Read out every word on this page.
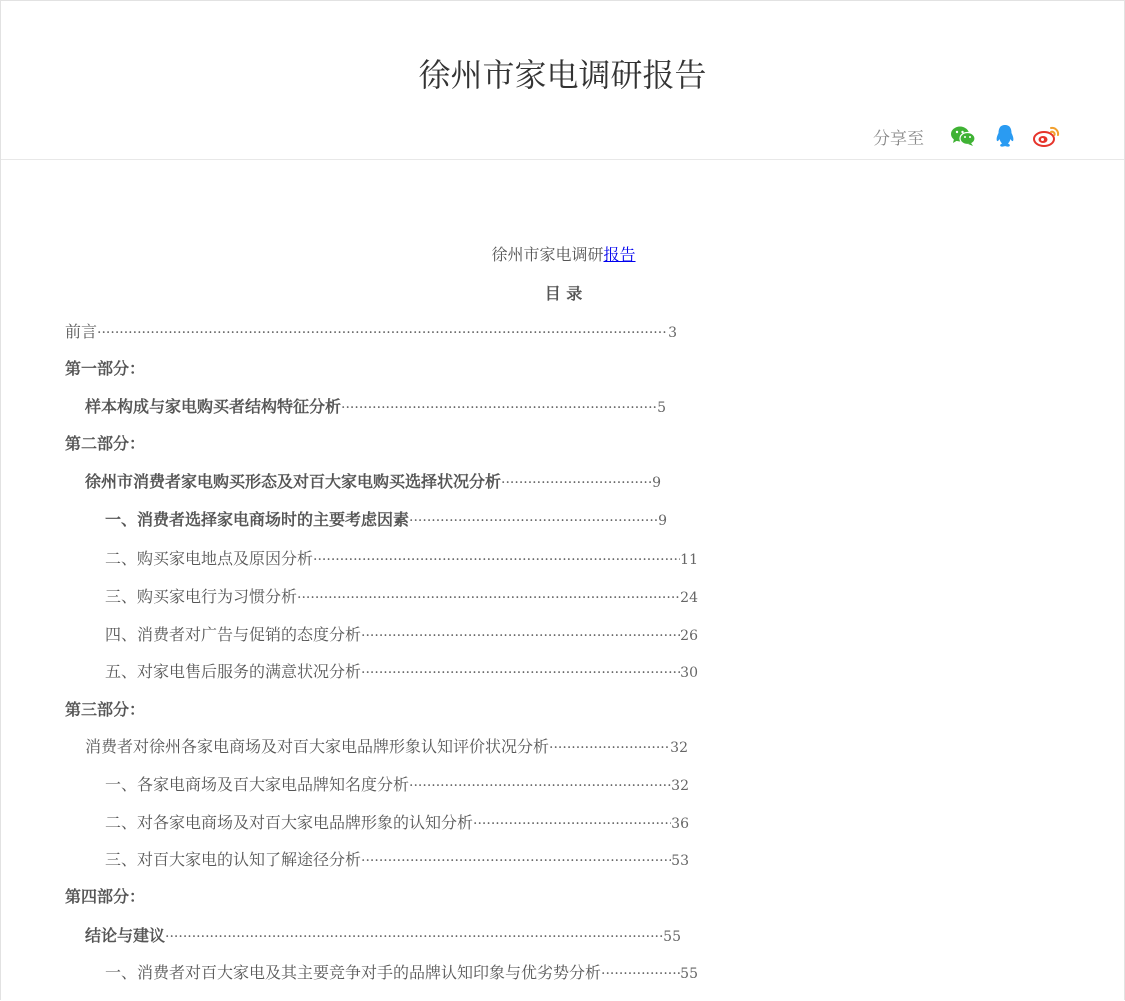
徐州市家电调研报告
分享至
徐州市家电调研报告
目 录
前言 ·····	3
第一部分：
样本构成与家电购买者结构特征分析 ·····	5
第二部分：
徐州市消费者家电购买形态及对百大家电购买选择状况分析 ·····	9
一、消费者选择家电商场时的主要考虑因素 ·····	9
二、购买家电地点及原因分析 ·····	11
三、购买家电行为习惯分析 ·····	24
四、消费者对广告与促销的态度分析 ·····	26
五、对家电售后服务的满意状况分析 ·····	30
第三部分：
消费者对徐州各家电商场及对百大家电品牌形象认知评价状况分析 ·····	32
一、各家电商场及百大家电品牌知名度分析 ·····	32
二、对各家电商场及对百大家电品牌形象的认知分析 ·····	36
三、对百大家电的认知了解途径分析 ·····	53
第四部分：
结论与建议 ·····	55
一、消费者对百大家电及其主要竞争对手的品牌认知印象与优劣势分析 ·····	55
